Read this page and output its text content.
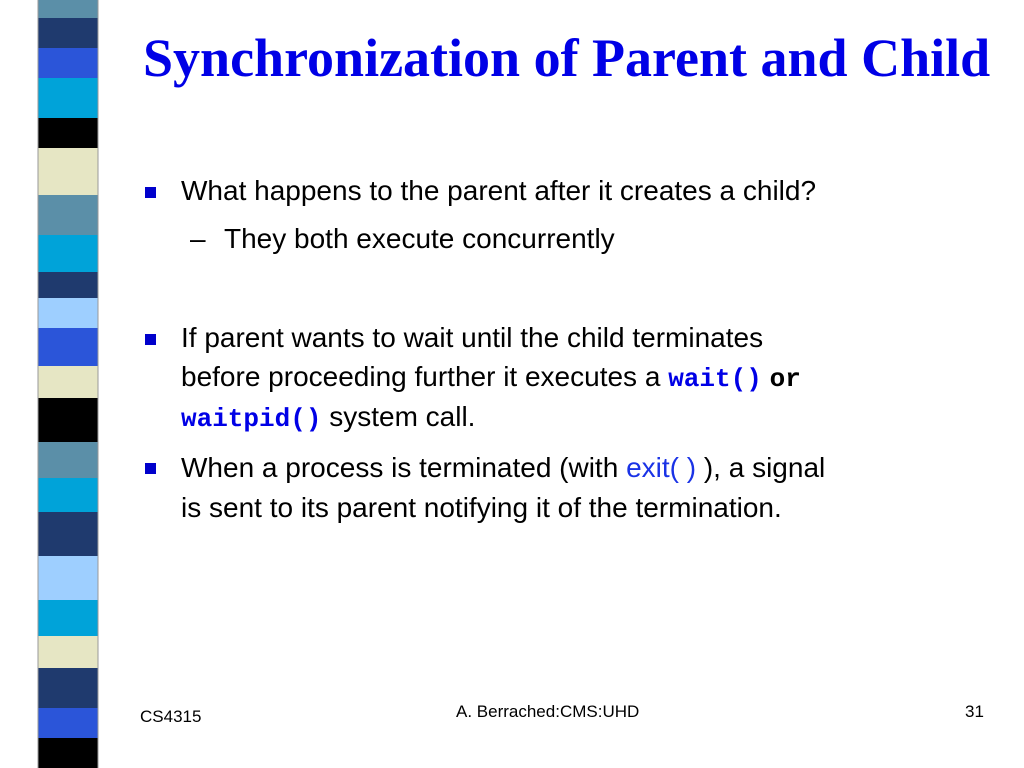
Synchronization of Parent and Child

What happens to the parent after it creates a child?

– They both execute concurrently

If parent wants to wait until the child terminates

before proceeding further it executes a wait() or

waitpid() system call.

When a process is terminated (with exit( ) ), a signal

is sent to its parent notifying it of the termination.

CS4315	A. Berrached:CMS:UHD	31
